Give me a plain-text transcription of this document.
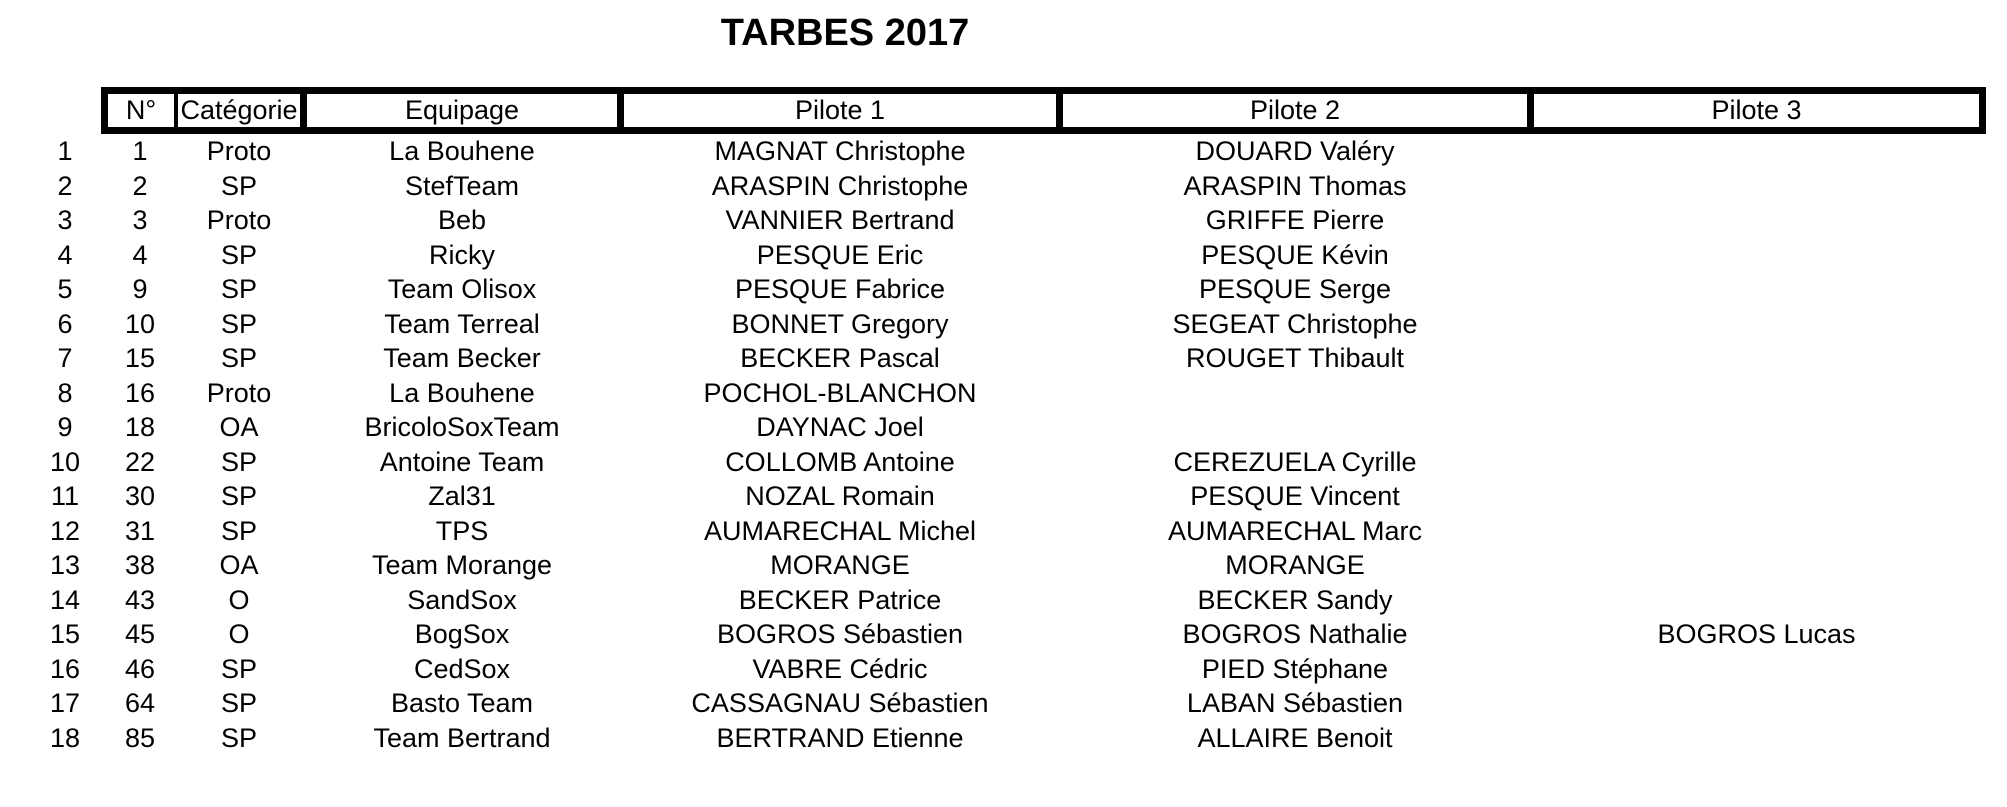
TARBES 2017
N° Catégorie	Equipage	Pilote 1	Pilote 2	Pilote 3
1	1	Proto	La Bouhene	MAGNAT Christophe	DOUARD Valéry
2	2	SP	StefTeam	ARASPIN Christophe	ARASPIN Thomas
3	3	Proto	Beb	VANNIER Bertrand	GRIFFE Pierre
4	4	SP	Ricky	PESQUE Eric	PESQUE Kévin
5	9	SP	Team Olisox	PESQUE Fabrice	PESQUE Serge
6	10	SP	Team Terreal	BONNET Gregory	SEGEAT Christophe
7	15	SP	Team Becker	BECKER Pascal	ROUGET Thibault
8	16	Proto	La Bouhene	POCHOL-BLANCHON
9	18	OA	BricoloSoxTeam	DAYNAC Joel
10	22	SP	Antoine Team	COLLOMB Antoine	CEREZUELA Cyrille
11	30	SP	Zal31	NOZAL Romain	PESQUE Vincent
12	31	SP	TPS	AUMARECHAL Michel	AUMARECHAL Marc
13	38	OA	Team Morange	MORANGE	MORANGE
14	43	O	SandSox	BECKER Patrice	BECKER Sandy
15	45	O	BogSox	BOGROS Sébastien	BOGROS Nathalie	BOGROS Lucas
16	46	SP	CedSox	VABRE Cédric	PIED Stéphane
17	64	SP	Basto Team	CASSAGNAU Sébastien	LABAN Sébastien
18	85	SP	Team Bertrand	BERTRAND Etienne	ALLAIRE Benoit
